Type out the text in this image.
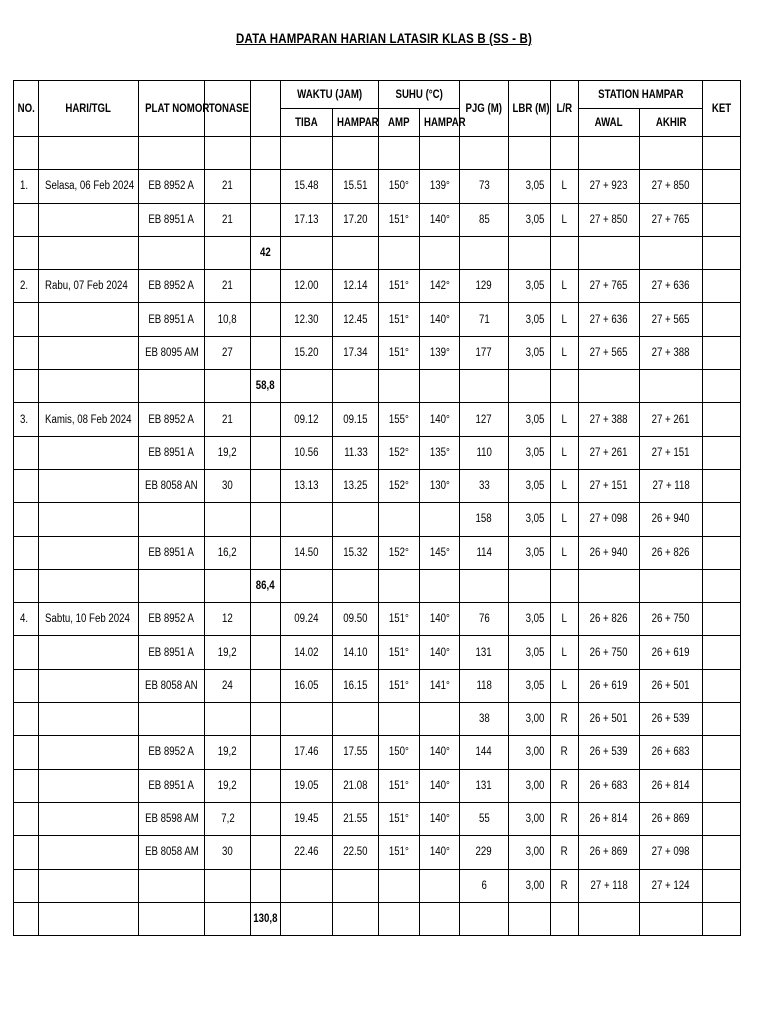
DATA HAMPARAN HARIAN LATASIR KLAS B (SS - B)
NO.	HARI/TGL	PLAT NOMOR	TONASE		WAKTU (JAM)		SUHU (°C)		PJG (M)	LBR (M)	L/R	STATION HAMPAR		KET
					TIBA	HAMPAR	AMP	HAMPAR				AWAL	AKHIR	

1.	Selasa, 06 Feb 2024	EB 8952 A	21		15.48	15.51	150°	139°	73	3,05	L	27 + 923	27 + 850	
		EB 8951 A	21		17.13	17.20	151°	140°	85	3,05	L	27 + 850	27 + 765	
				42										
2.	Rabu, 07 Feb 2024	EB 8952 A	21		12.00	12.14	151°	142°	129	3,05	L	27 + 765	27 + 636	
		EB 8951 A	10,8		12.30	12.45	151°	140°	71	3,05	L	27 + 636	27 + 565	
		EB 8095 AM	27		15.20	17.34	151°	139°	177	3,05	L	27 + 565	27 + 388	
				58,8										
3.	Kamis, 08 Feb 2024	EB 8952 A	21		09.12	09.15	155°	140°	127	3,05	L	27 + 388	27 + 261	
		EB 8951 A	19,2		10.56	11.33	152°	135°	110	3,05	L	27 + 261	27 + 151	
		EB 8058 AN	30		13.13	13.25	152°	130°	33	3,05	L	27 + 151	27 + 118	
									158	3,05	L	27 + 098	26 + 940	
		EB 8951 A	16,2		14.50	15.32	152°	145°	114	3,05	L	26 + 940	26 + 826	
				86,4										
4.	Sabtu, 10 Feb 2024	EB 8952 A	12		09.24	09.50	151°	140°	76	3,05	L	26 + 826	26 + 750	
		EB 8951 A	19,2		14.02	14.10	151°	140°	131	3,05	L	26 + 750	26 + 619	
		EB 8058 AN	24		16.05	16.15	151°	141°	118	3,05	L	26 + 619	26 + 501	
									38	3,00	R	26 + 501	26 + 539	
		EB 8952 A	19,2		17.46	17.55	150°	140°	144	3,00	R	26 + 539	26 + 683	
		EB 8951 A	19,2		19.05	21.08	151°	140°	131	3,00	R	26 + 683	26 + 814	
		EB 8598 AM	7,2		19.45	21.55	151°	140°	55	3,00	R	26 + 814	26 + 869	
		EB 8058 AM	30		22.46	22.50	151°	140°	229	3,00	R	26 + 869	27 + 098	
									6	3,00	R	27 + 118	27 + 124	
				130,8										
